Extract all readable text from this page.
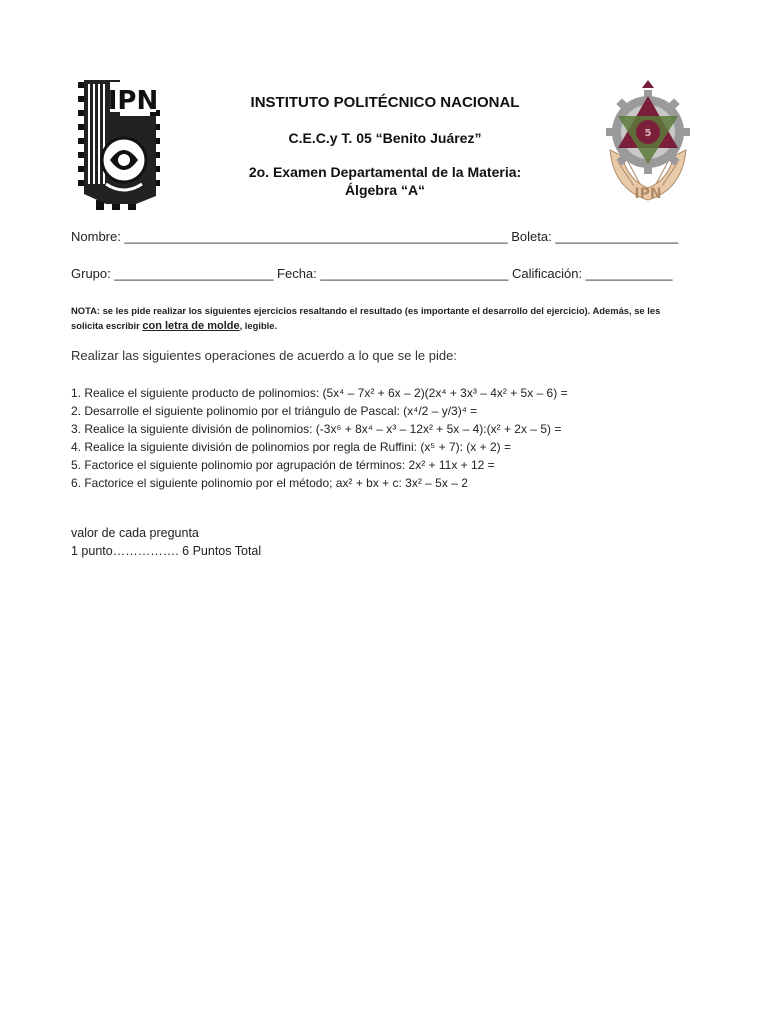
IPN
5
IPN
INSTITUTO POLITÉCNICO NACIONAL
C.E.C.y T. 05 “Benito Juárez”
2o. Examen Departamental de la Materia:
Álgebra “A“
Nombre: _____________________________________________________ Boleta: _________________
Grupo: ______________________ Fecha: __________________________ Calificación: ____________
NOTA: se les pide realizar los siguientes ejercicios resaltando el resultado (es importante el desarrollo del ejercicio). Además, se les solicita escribir con letra de molde, legible.
Realizar las siguientes operaciones de acuerdo a lo que se le pide:
1. Realice el siguiente producto de polinomios: (5x⁴ – 7x² + 6x – 2)(2x⁴ + 3x³ – 4x² + 5x – 6) =
2. Desarrolle el siguiente polinomio por el triángulo de Pascal: (x⁴/2 – y/3)⁴ =
3. Realice la siguiente división de polinomios: (-3x⁶ + 8x⁴ – x³ – 12x² + 5x – 4):(x² + 2x – 5) =
4. Realice la siguiente división de polinomios por regla de Ruffini: (x⁵ + 7): (x + 2) =
5. Factorice el siguiente polinomio por agrupación de términos: 2x² + 11x + 12 =
6. Factorice el siguiente polinomio por el método; ax² + bx + c: 3x² – 5x – 2
valor de cada pregunta
1 punto……………. 6 Puntos Total
